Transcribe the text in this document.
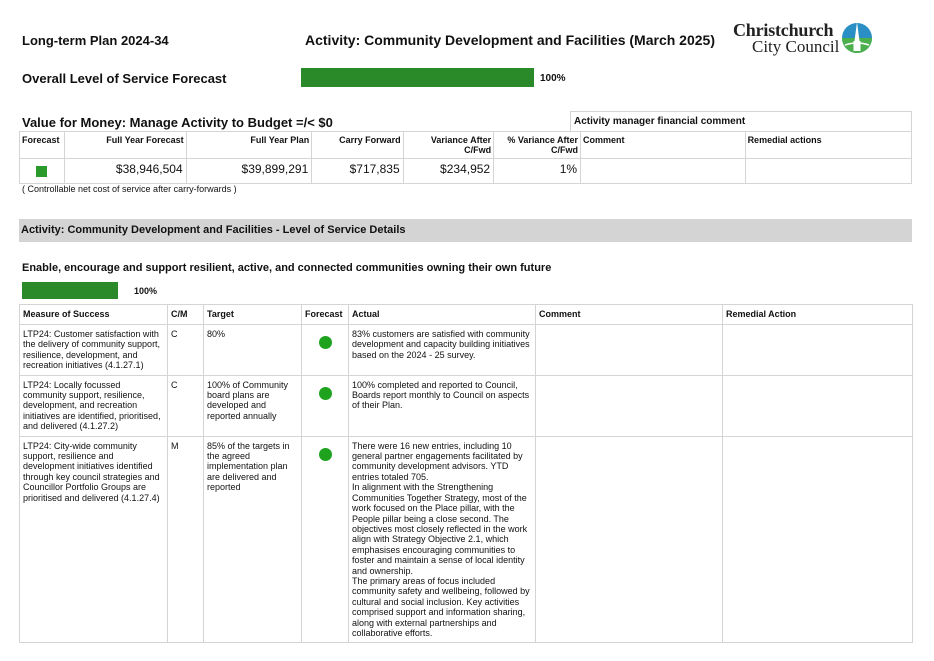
Long-term Plan 2024-34	Activity: Community Development and Facilities (March 2025) Christchurch
City Council
Overall Level of Service Forecast	100%
Value for Money: Manage Activity to Budget =/< $0	Activity manager financial comment
Forecast	Full Year Forecast	Full Year Plan	Carry Forward	Variance After C/Fwd	% Variance After C/Fwd	Comment	Remedial actions
	$38,946,504	$39,899,291	$717,835	$234,952	1%		
( Controllable net cost of service after carry-forwards )
Activity: Community Development and Facilities - Level of Service Details
Enable, encourage and support resilient, active, and connected communities owning their own future
100%
Measure of Success	C/M	Target	Forecast	Actual	Comment	Remedial Action
LTP24: Customer satisfaction with the delivery of community support, resilience, development, and recreation initiatives (4.1.27.1)	C	80%		83% customers are satisfied with community development and capacity building initiatives based on the 2024 - 25 survey.		

LTP24: Locally focussed community support, resilience, development, and recreation initiatives are identified, prioritised, and delivered (4.1.27.2)	C	100% of Community board plans are developed and reported annually		100% completed and reported to Council, Boards report monthly to Council on aspects of their Plan.		

LTP24: City-wide community support, resilience and development initiatives identified through key council strategies and Councillor Portfolio Groups are prioritised and delivered (4.1.27.4)	M	85% of the targets in the agreed implementation plan are delivered and reported		There were 16 new entries, including 10 general partner engagements facilitated by community development advisors. YTD entries totaled 705.
In alignment with the Strengthening Communities Together Strategy, most of the work focused on the Place pillar, with the People pillar being a close second. The objectives most closely reflected in the work align with Strategy Objective 2.1, which emphasises encouraging communities to foster and maintain a sense of local identity and ownership.
The primary areas of focus included community safety and wellbeing, followed by cultural and social inclusion. Key activities comprised support and information sharing, along with external partnerships and collaborative efforts.		
